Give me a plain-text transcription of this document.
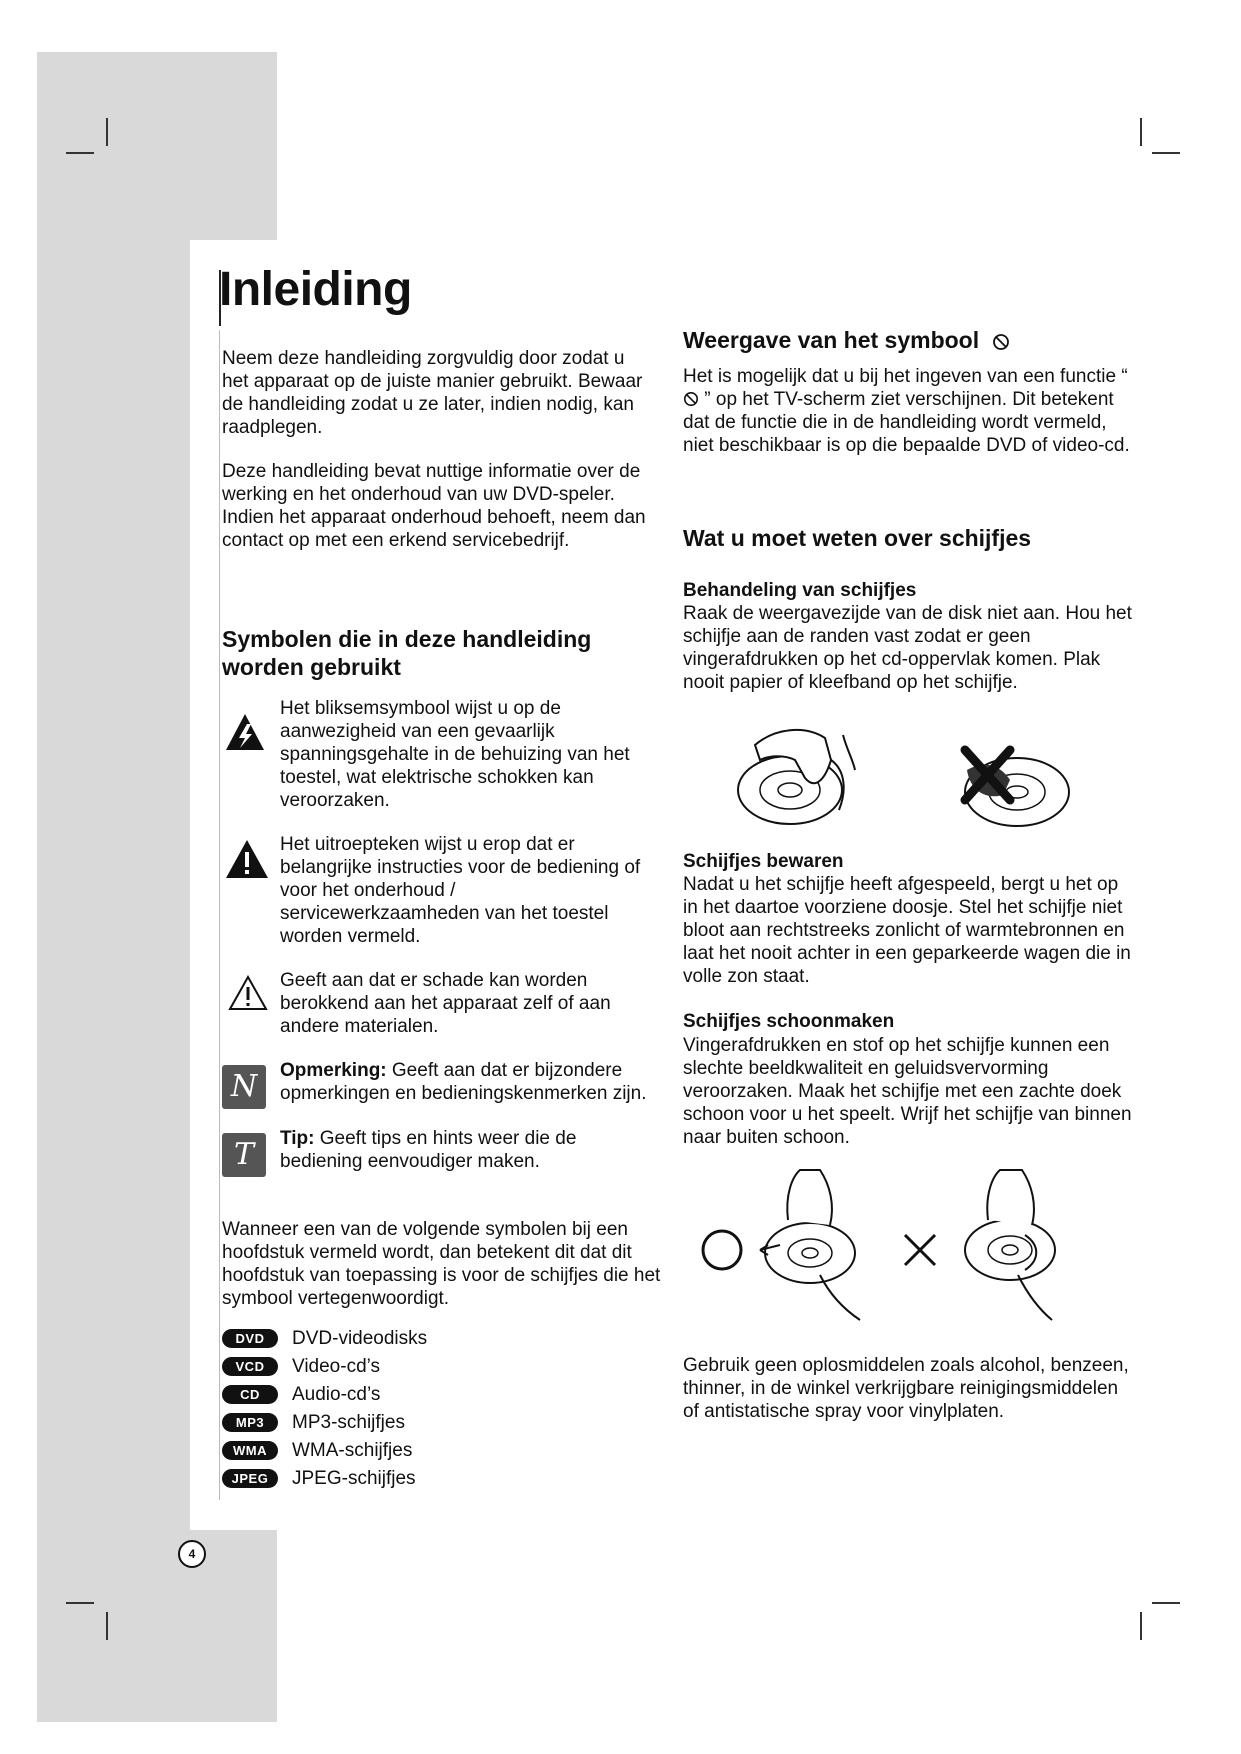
Inleiding

Neem deze handleiding zorgvuldig door zodat u het apparaat op de juiste manier gebruikt. Bewaar de handleiding zodat u ze later, indien nodig, kan raadplegen.

Deze handleiding bevat nuttige informatie over de werking en het onderhoud van uw DVD-speler. Indien het apparaat onderhoud behoeft, neem dan contact op met een erkend servicebedrijf.

Symbolen die in deze handleiding worden gebruikt

Het bliksemsymbool wijst u op de aanwezigheid van een gevaarlijk spanningsgehalte in de behuizing van het toestel, wat elektrische schokken kan veroorzaken.

Het uitroepteken wijst u erop dat er belangrijke instructies voor de bediening of voor het onderhoud / servicewerkzaamheden van het toestel worden vermeld.

Geeft aan dat er schade kan worden berokkend aan het apparaat zelf of aan andere materialen.

N	Opmerking: Geeft aan dat er bijzondere opmerkingen en bedieningskenmerken zijn.

T	Tip: Geeft tips en hints weer die de bediening eenvoudiger maken.

Wanneer een van de volgende symbolen bij een hoofdstuk vermeld wordt, dan betekent dit dat dit hoofdstuk van toepassing is voor de schijfjes die het symbool vertegenwoordigt.

DVD	DVD-videodisks
VCD	Video-cd’s
CD	Audio-cd’s
MP3	MP3-schijfjes
WMA	WMA-schijfjes
JPEG	JPEG-schijfjes
4
Weergave van het symbool

Het is mogelijk dat u bij het ingeven van een functie “  ” op het TV-scherm ziet verschijnen. Dit betekent dat de functie die in de handleiding wordt vermeld, niet beschikbaar is op die bepaalde DVD of video-cd.

Wat u moet weten over schijfjes
Behandeling van schijfjes

Raak de weergavezijde van de disk niet aan. Hou het schijfje aan de randen vast zodat er geen vingerafdrukken op het cd-oppervlak komen. Plak nooit papier of kleefband op het schijfje.

Schijfjes bewaren

Nadat u het schijfje heeft afgespeeld, bergt u het op in het daartoe voorziene doosje. Stel het schijfje niet bloot aan rechtstreeks zonlicht of warmtebronnen en laat het nooit achter in een geparkeerde wagen die in volle zon staat.

Schijfjes schoonmaken

Vingerafdrukken en stof op het schijfje kunnen een slechte beeldkwaliteit en geluidsvervorming veroorzaken. Maak het schijfje met een zachte doek schoon voor u het speelt. Wrijf het schijfje van binnen naar buiten schoon.

Gebruik geen oplosmiddelen zoals alcohol, benzeen, thinner, in de winkel verkrijgbare reinigingsmiddelen of antistatische spray voor vinylplaten.
